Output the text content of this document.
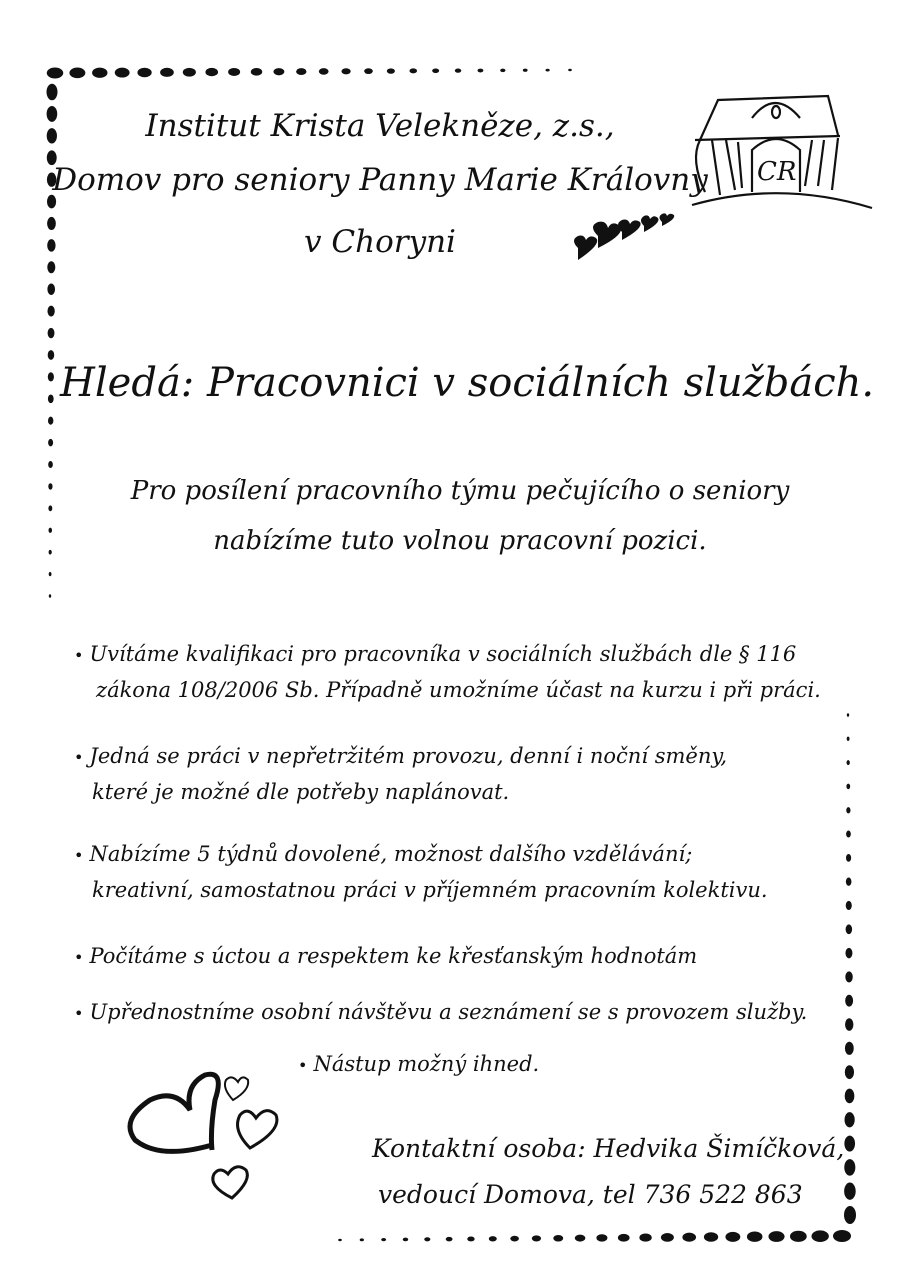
CR
Institut Krista Velekněze, z.s.,
Domov pro seniory Panny Marie Královny
v Choryni
Hledá: Pracovnici v sociálních službách.
Pro posílení pracovního týmu pečujícího o seniory
nabízíme tuto volnou pracovní pozici.
• Uvítáme kvalifikaci pro pracovníka v sociálních službách dle § 116
zákona 108/2006 Sb. Případně umožníme účast na kurzu i při práci.
• Jedná se práci v nepřetržitém provozu, denní i noční směny,
které je možné dle potřeby naplánovat.
• Nabízíme 5 týdnů dovolené, možnost dalšího vzdělávání;
kreativní, samostatnou práci v příjemném pracovním kolektivu.
• Počítáme s úctou a respektem ke křesťanským hodnotám
• Upřednostníme osobní návštěvu a seznámení se s provozem služby.
• Nástup možný ihned.
Kontaktní osoba: Hedvika Šimíčková,
vedoucí Domova, tel 736 522 863
